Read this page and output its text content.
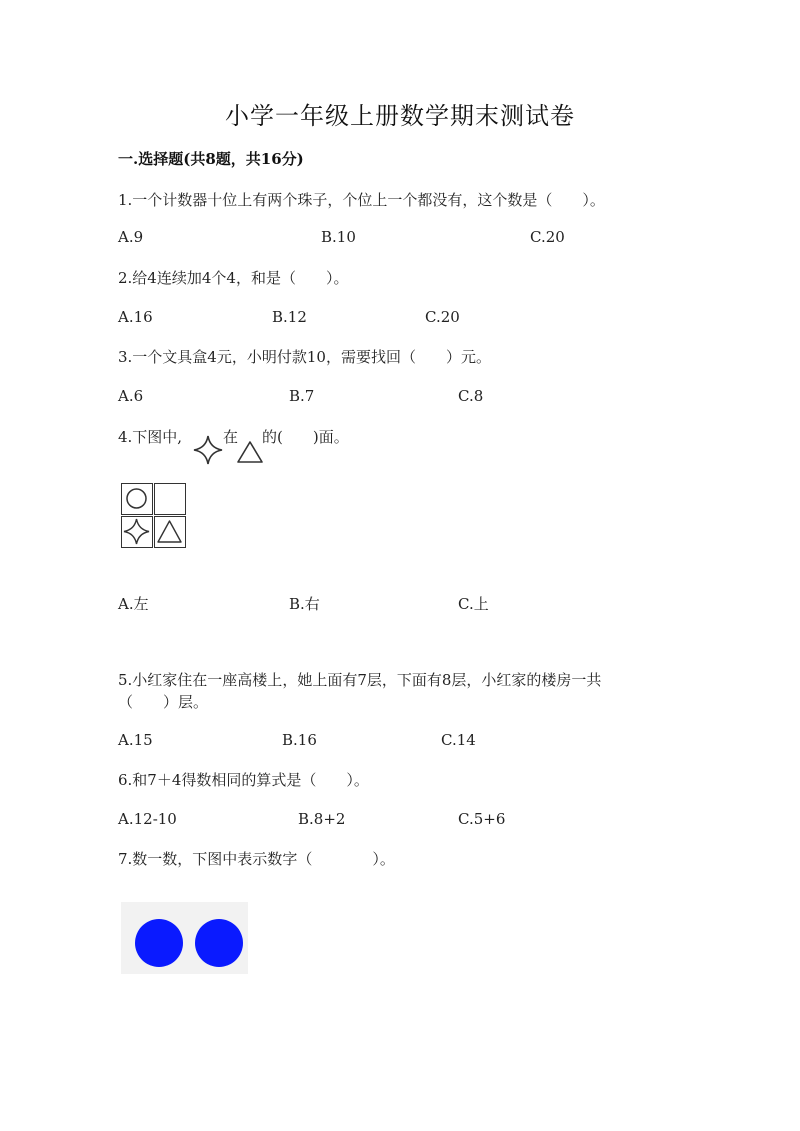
小学一年级上册数学期末测试卷
一.选择题(共8题，共16分)
1.一个计数器十位上有两个珠子，个位上一个都没有，这个数是（　　）。
A.9	B.10	C.20
2.给4连续加4个4，和是（　　）。
A.16	B.12	C.20
3.一个文具盒4元，小明付款10，需要找回（　　）元。
A.6	B.7	C.8
4.下图中,	在 的(　　)面。
A.左	B.右	C.上
5.小红家住在一座高楼上，她上面有7层，下面有8层，小红家的楼房一共
（　　）层。
A.15	B.16	C.14
6.和7＋4得数相同的算式是（　　）。
A.12-10	B.8+2	C.5+6
7.数一数，下图中表示数字（　　　　）。
